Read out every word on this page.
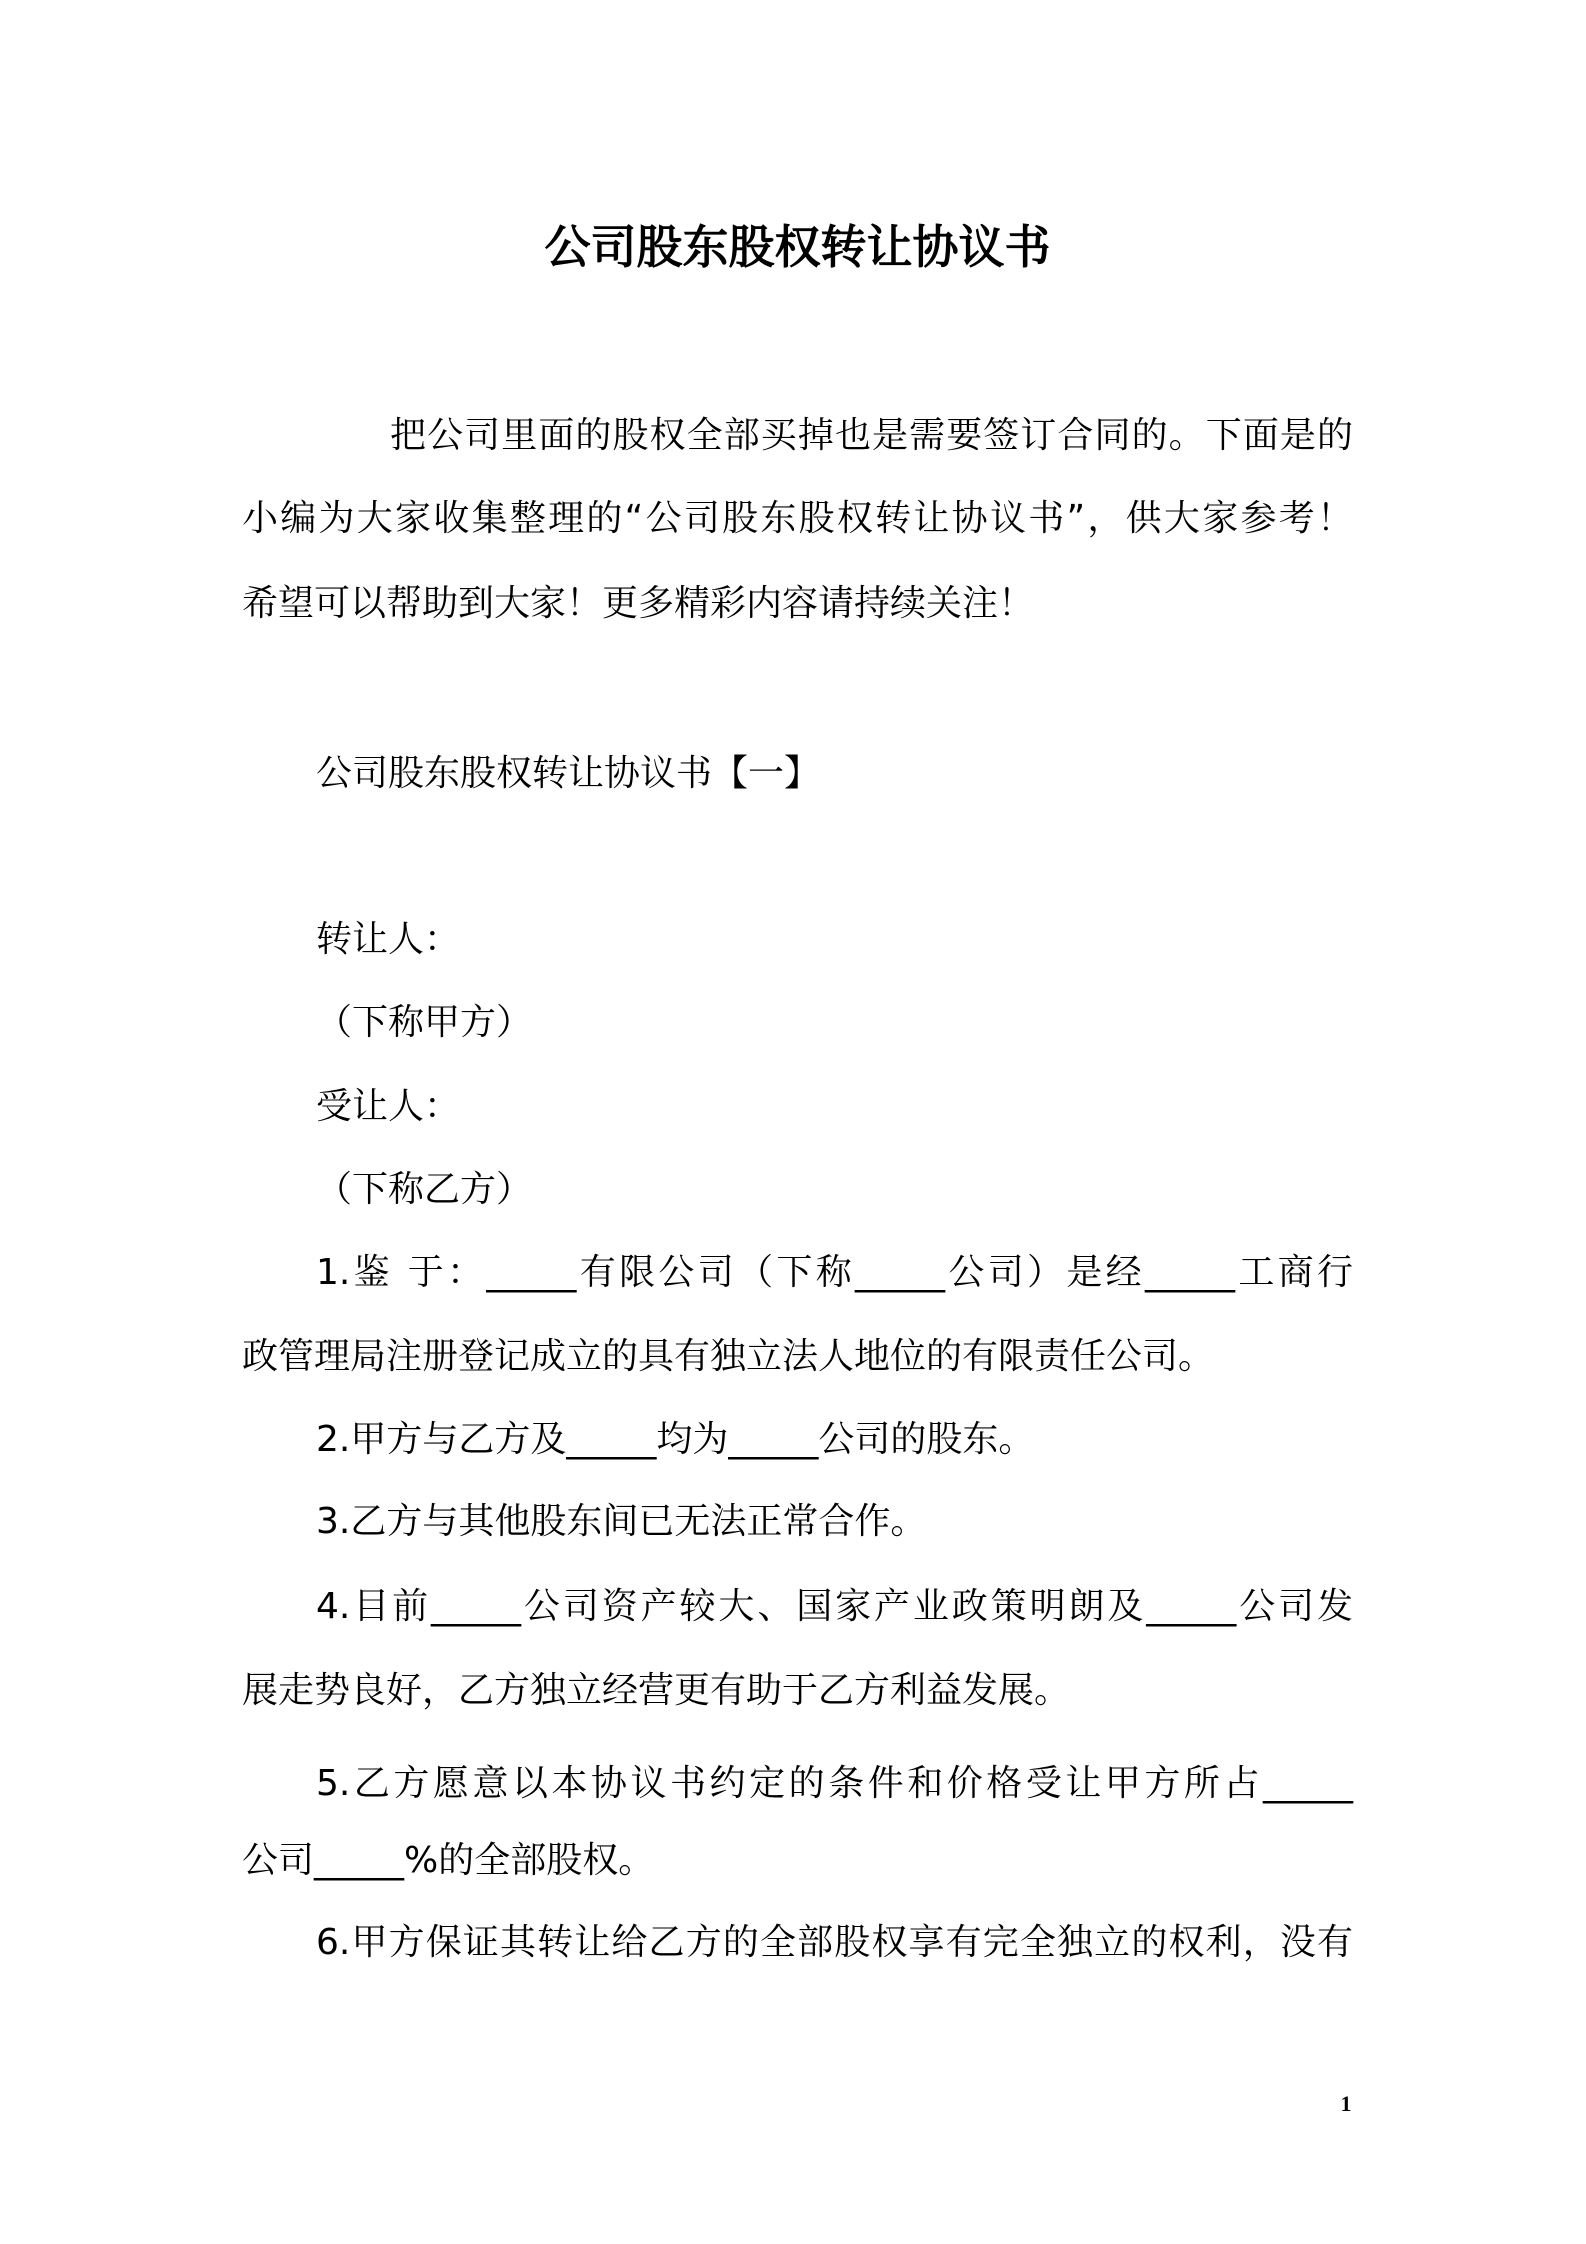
公司股东股权转让协议书
把公司里面的股权全部买掉也是需要签订合同的。下面是的
小编为大家收集整理的“公司股东股权转让协议书”，供大家参考！
希望可以帮助到大家！更多精彩内容请持续关注！
公司股东股权转让协议书【一】
转让人：
（下称甲方）
受让人：
（下称乙方）
1.鉴 于：_____有限公司（下称_____公司）是经_____工商行
政管理局注册登记成立的具有独立法人地位的有限责任公司。
2.甲方与乙方及_____均为_____公司的股东。
3.乙方与其他股东间已无法正常合作。
4.目前_____公司资产较大、国家产业政策明朗及_____公司发
展走势良好，乙方独立经营更有助于乙方利益发展。
5.乙方愿意以本协议书约定的条件和价格受让甲方所占_____
公司_____%的全部股权。
6.甲方保证其转让给乙方的全部股权享有完全独立的权利，没有
1
